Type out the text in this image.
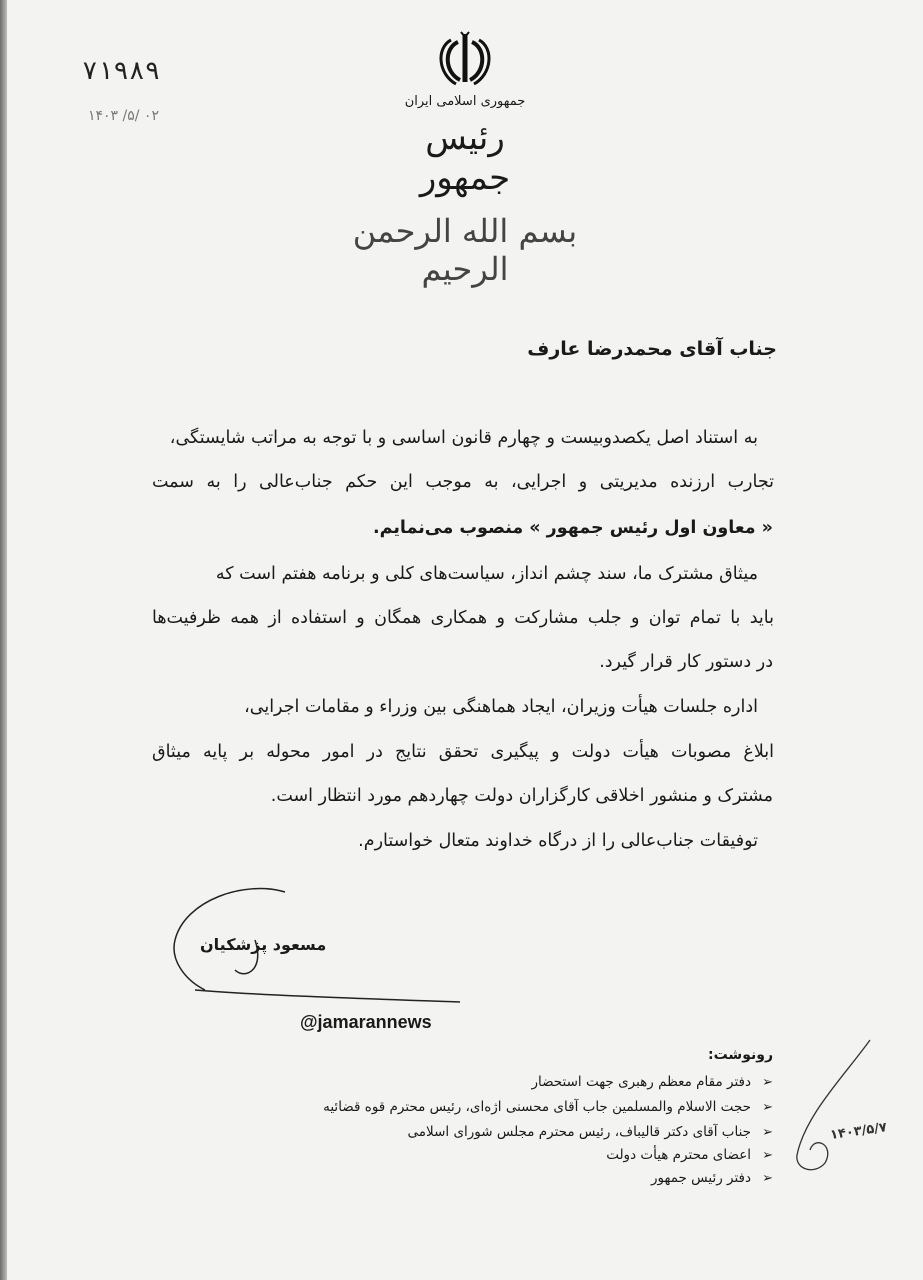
۷۱۹۸۹
۱۴۰۳ /۵/ ۰۲
جمهوری اسلامی ایران
رئیس جمهور
بسم الله الرحمن الرحیم
جناب آقای محمدرضا عارف
به استناد اصل یکصدوبیست و چهارم قانون اساسی و با توجه به مراتب شایستگی،
تجارب ارزنده مدیریتی و اجرایی، به موجب این حکم جناب‌عالی را به سمت
« معاون اول رئیس جمهور » منصوب می‌نمایم.
میثاق مشترک ما، سند چشم انداز، سیاست‌های کلی و برنامه هفتم است که
باید با تمام توان و جلب مشارکت و همکاری همگان و استفاده از همه ظرفیت‌ها
در دستور کار قرار گیرد.
اداره جلسات هیأت وزیران، ایجاد هماهنگی بین وزراء و مقامات اجرایی،
ابلاغ مصوبات هیأت دولت و پیگیری تحقق نتایج در امور محوله بر پایه میثاق
مشترک و منشور اخلاقی کارگزاران دولت چهاردهم مورد انتظار است.
توفیقات جناب‌عالی را از درگاه خداوند متعال خواستارم.
مسعود پزشکیان
@jamarannews
رونوشت:
دفتر مقام معظم رهبری جهت استحضار
حجت الاسلام والمسلمین جاب آقای محسنی اژه‌ای، رئیس محترم قوه قضائیه
جناب آقای دکتر قالیباف، رئیس محترم مجلس شورای اسلامی
اعضای محترم هیأت دولت
دفتر رئیس جمهور
➢
➢
➢
➢
➢
۱۴۰۳/۵/۷
